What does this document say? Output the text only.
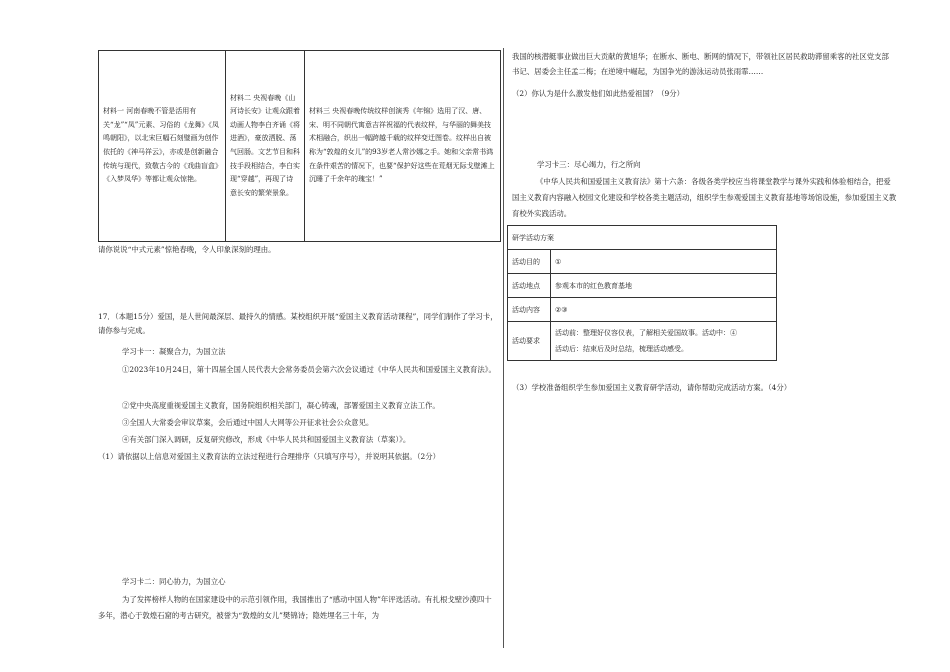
材料一 河南春晚不管是活用有关“龙”“凤”元素、习俗的《龙舞》《凤鸣朝阳》，以北宋巨幅石刻璧画为创作依托的《神马祥云》，亦或是创新融合传统与现代，致敬古今的《戏曲盲盒》《入梦凤华》等都让观众惊艳。	材料二 央视春晚《山河诗长安》让观众跟着动画人物李白齐诵《将进酒》，豪放洒脱、荡气回肠。文艺节目和科技手段相结合，李白实现“穿越”，再现了诗意长安的繁荣景象。	材料三 央视春晚传统纹样创演秀《年锦》选用了汉、唐、宋、明不同朝代寓意吉祥祝福的代表纹样，与华丽的舞美技术相融合，织出一幅跨越千载的纹样变迁图卷。纹样出自被称为“敦煌的女儿”的93岁老人常沙娜之手。她和父亲常书鸿在条件艰苦的情况下，也要“保护好这些在荒烟无际戈壁滩上沉睡了千余年的瑰宝！”
请你说说“中式元素”惊艳春晚，令人印象深刻的理由。
17．（本题15分）爱国，是人世间最深层、最持久的情感。某校组织开展“爱国主义教育活动课程”，同学们制作了学习卡，请你参与完成。
学习卡一：凝聚合力，为国立法
①2023年10月24日，第十四届全国人民代表大会常务委员会第六次会议通过《中华人民共和国爱国主义教育法》。
②党中央高度重视爱国主义教育，国务院组织相关部门，凝心铸魂，部署爱国主义教育立法工作。
③全国人大常委会审议草案，会后通过中国人大网等公开征求社会公众意见。
④有关部门深入调研，反复研究修改，形成《中华人民共和国爱国主义教育法（草案）》。
（1）请依据以上信息对爱国主义教育法的立法过程进行合理排序（只填写序号），并说明其依据。（2分）
学习卡二：同心协力，为国立心
为了发挥榜样人物的在国家建设中的示范引领作用，我国推出了“感动中国人物”年评选活动。有扎根戈壁沙漠四十多年，潜心于敦煌石窟的考古研究，被誉为“敦煌的女儿”樊锦诗；隐姓埋名三十年，为
我国的核潜艇事业做出巨大贡献的黄旭华；在断水、断电、断网的情况下，带领社区居民救助滞留乘客的社区党支部书记、居委会主任孟二梅；在逆境中崛起，为国争光的游泳运动员张雨霏……
（2）你认为是什么激发他们如此热爱祖国？（9分）
学习卡三：尽心竭力，行之所向
《中华人民共和国爱国主义教育法》第十六条：各级各类学校应当将课堂教学与课外实践和体验相结合，把爱国主义教育内容融入校园文化建设和学校各类主题活动，组织学生参观爱国主义教育基地等场馆设施，参加爱国主义教育校外实践活动。
研学活动方案	
活动目的	①
活动地点	参观本市的红色教育基地
活动内容	②③
活动要求	活动前：整理好仪容仪表，了解相关爱国故事。活动中：④
活动后：结束后及时总结，梳理活动感受。
（3）学校准备组织学生参加爱国主义教育研学活动，请你帮助完成活动方案。（4分）
